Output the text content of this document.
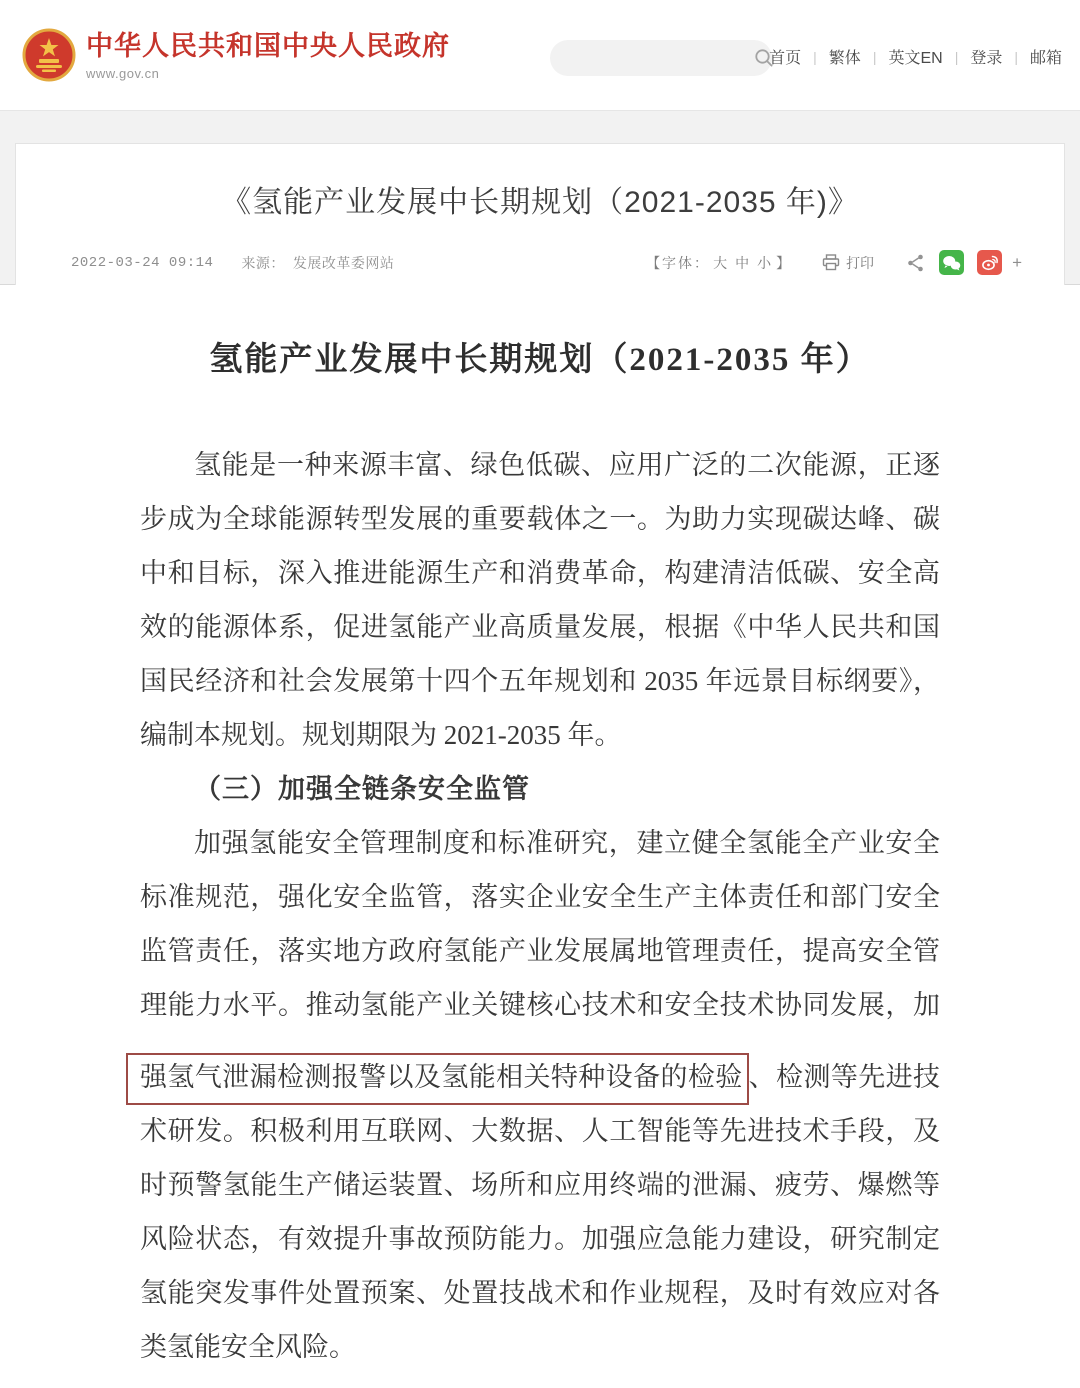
中华人民共和国中央人民政府
www.gov.cn
首页 | 繁体 | 英文EN | 登录 | 邮箱
《氢能产业发展中长期规划（2021-2035 年)》
2022-03-24 09:14 来源： 发展改革委网站	【字体： 大 中 小 】	打印	+
氢能产业发展中长期规划（2021-2035 年）
氢能是一种来源丰富、绿色低碳、应用广泛的二次能源，正逐
步成为全球能源转型发展的重要载体之一。为助力实现碳达峰、碳
中和目标，深入推进能源生产和消费革命，构建清洁低碳、安全高
效的能源体系，促进氢能产业高质量发展，根据《中华人民共和国
国民经济和社会发展第十四个五年规划和 2035 年远景目标纲要》，
编制本规划。规划期限为 2021-2035 年。
（三）加强全链条安全监管
加强氢能安全管理制度和标准研究，建立健全氢能全产业安全
标准规范，强化安全监管，落实企业安全生产主体责任和部门安全
监管责任，落实地方政府氢能产业发展属地管理责任，提高安全管
理能力水平。推动氢能产业关键核心技术和安全技术协同发展，加
强氢气泄漏检测报警以及氢能相关特种设备的检验 、检测等先进技
术研发。积极利用互联网、大数据、人工智能等先进技术手段，及
时预警氢能生产储运装置、场所和应用终端的泄漏、疲劳、爆燃等
风险状态，有效提升事故预防能力。加强应急能力建设，研究制定
氢能突发事件处置预案、处置技战术和作业规程，及时有效应对各
类氢能安全风险。
